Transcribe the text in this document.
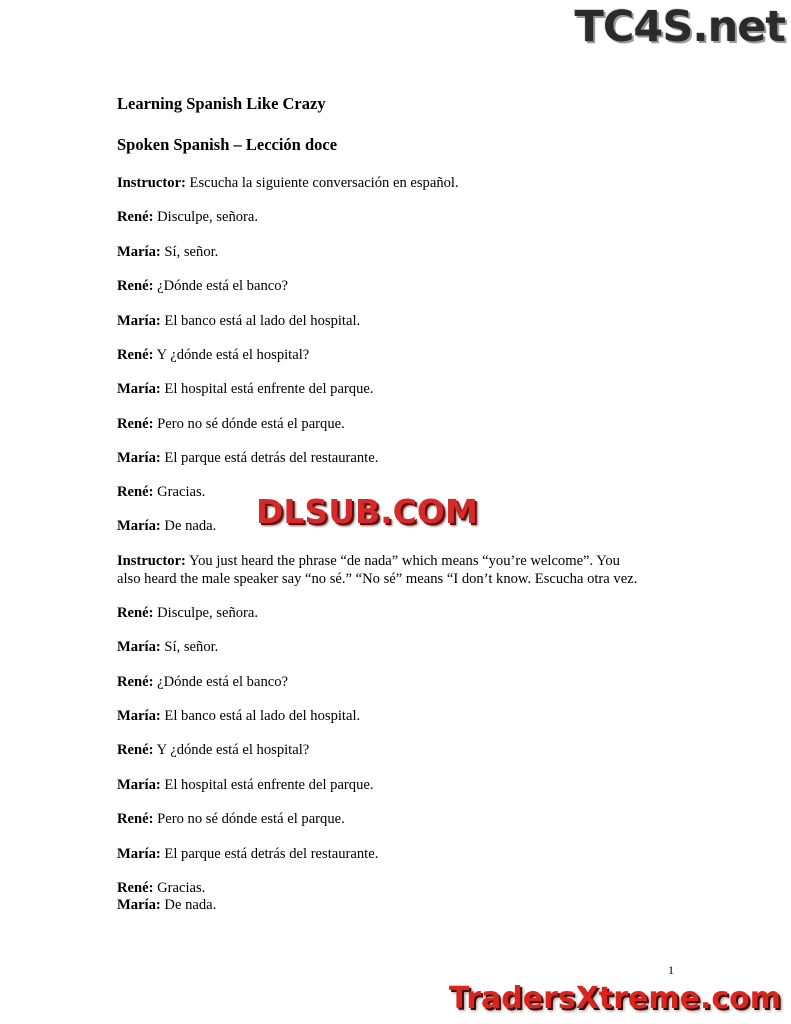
Learning Spanish Like Crazy
Spoken Spanish – Lección doce

Instructor: Escucha la siguiente conversación en español.

René: Disculpe, señora.

María: Sí, señor.

René: ¿Dónde está el banco?

María: El banco está al lado del hospital.

René: Y ¿dónde está el hospital?

María: El hospital está enfrente del parque.

René: Pero no sé dónde está el parque.

María: El parque está detrás del restaurante.

René: Gracias.

María: De nada.

Instructor: You just heard the phrase “de nada” which means “you’re welcome”. You

also heard the male speaker say “no sé.” “No sé” means “I don’t know. Escucha otra vez.

René: Disculpe, señora.

María: Sí, señor.

René: ¿Dónde está el banco?

María: El banco está al lado del hospital.

René: Y ¿dónde está el hospital?

María: El hospital está enfrente del parque.

René: Pero no sé dónde está el parque.

María: El parque está detrás del restaurante.

René: Gracias.

María: De nada.

1
TC4S.net
DLSUB.COM
TradersXtreme.com
